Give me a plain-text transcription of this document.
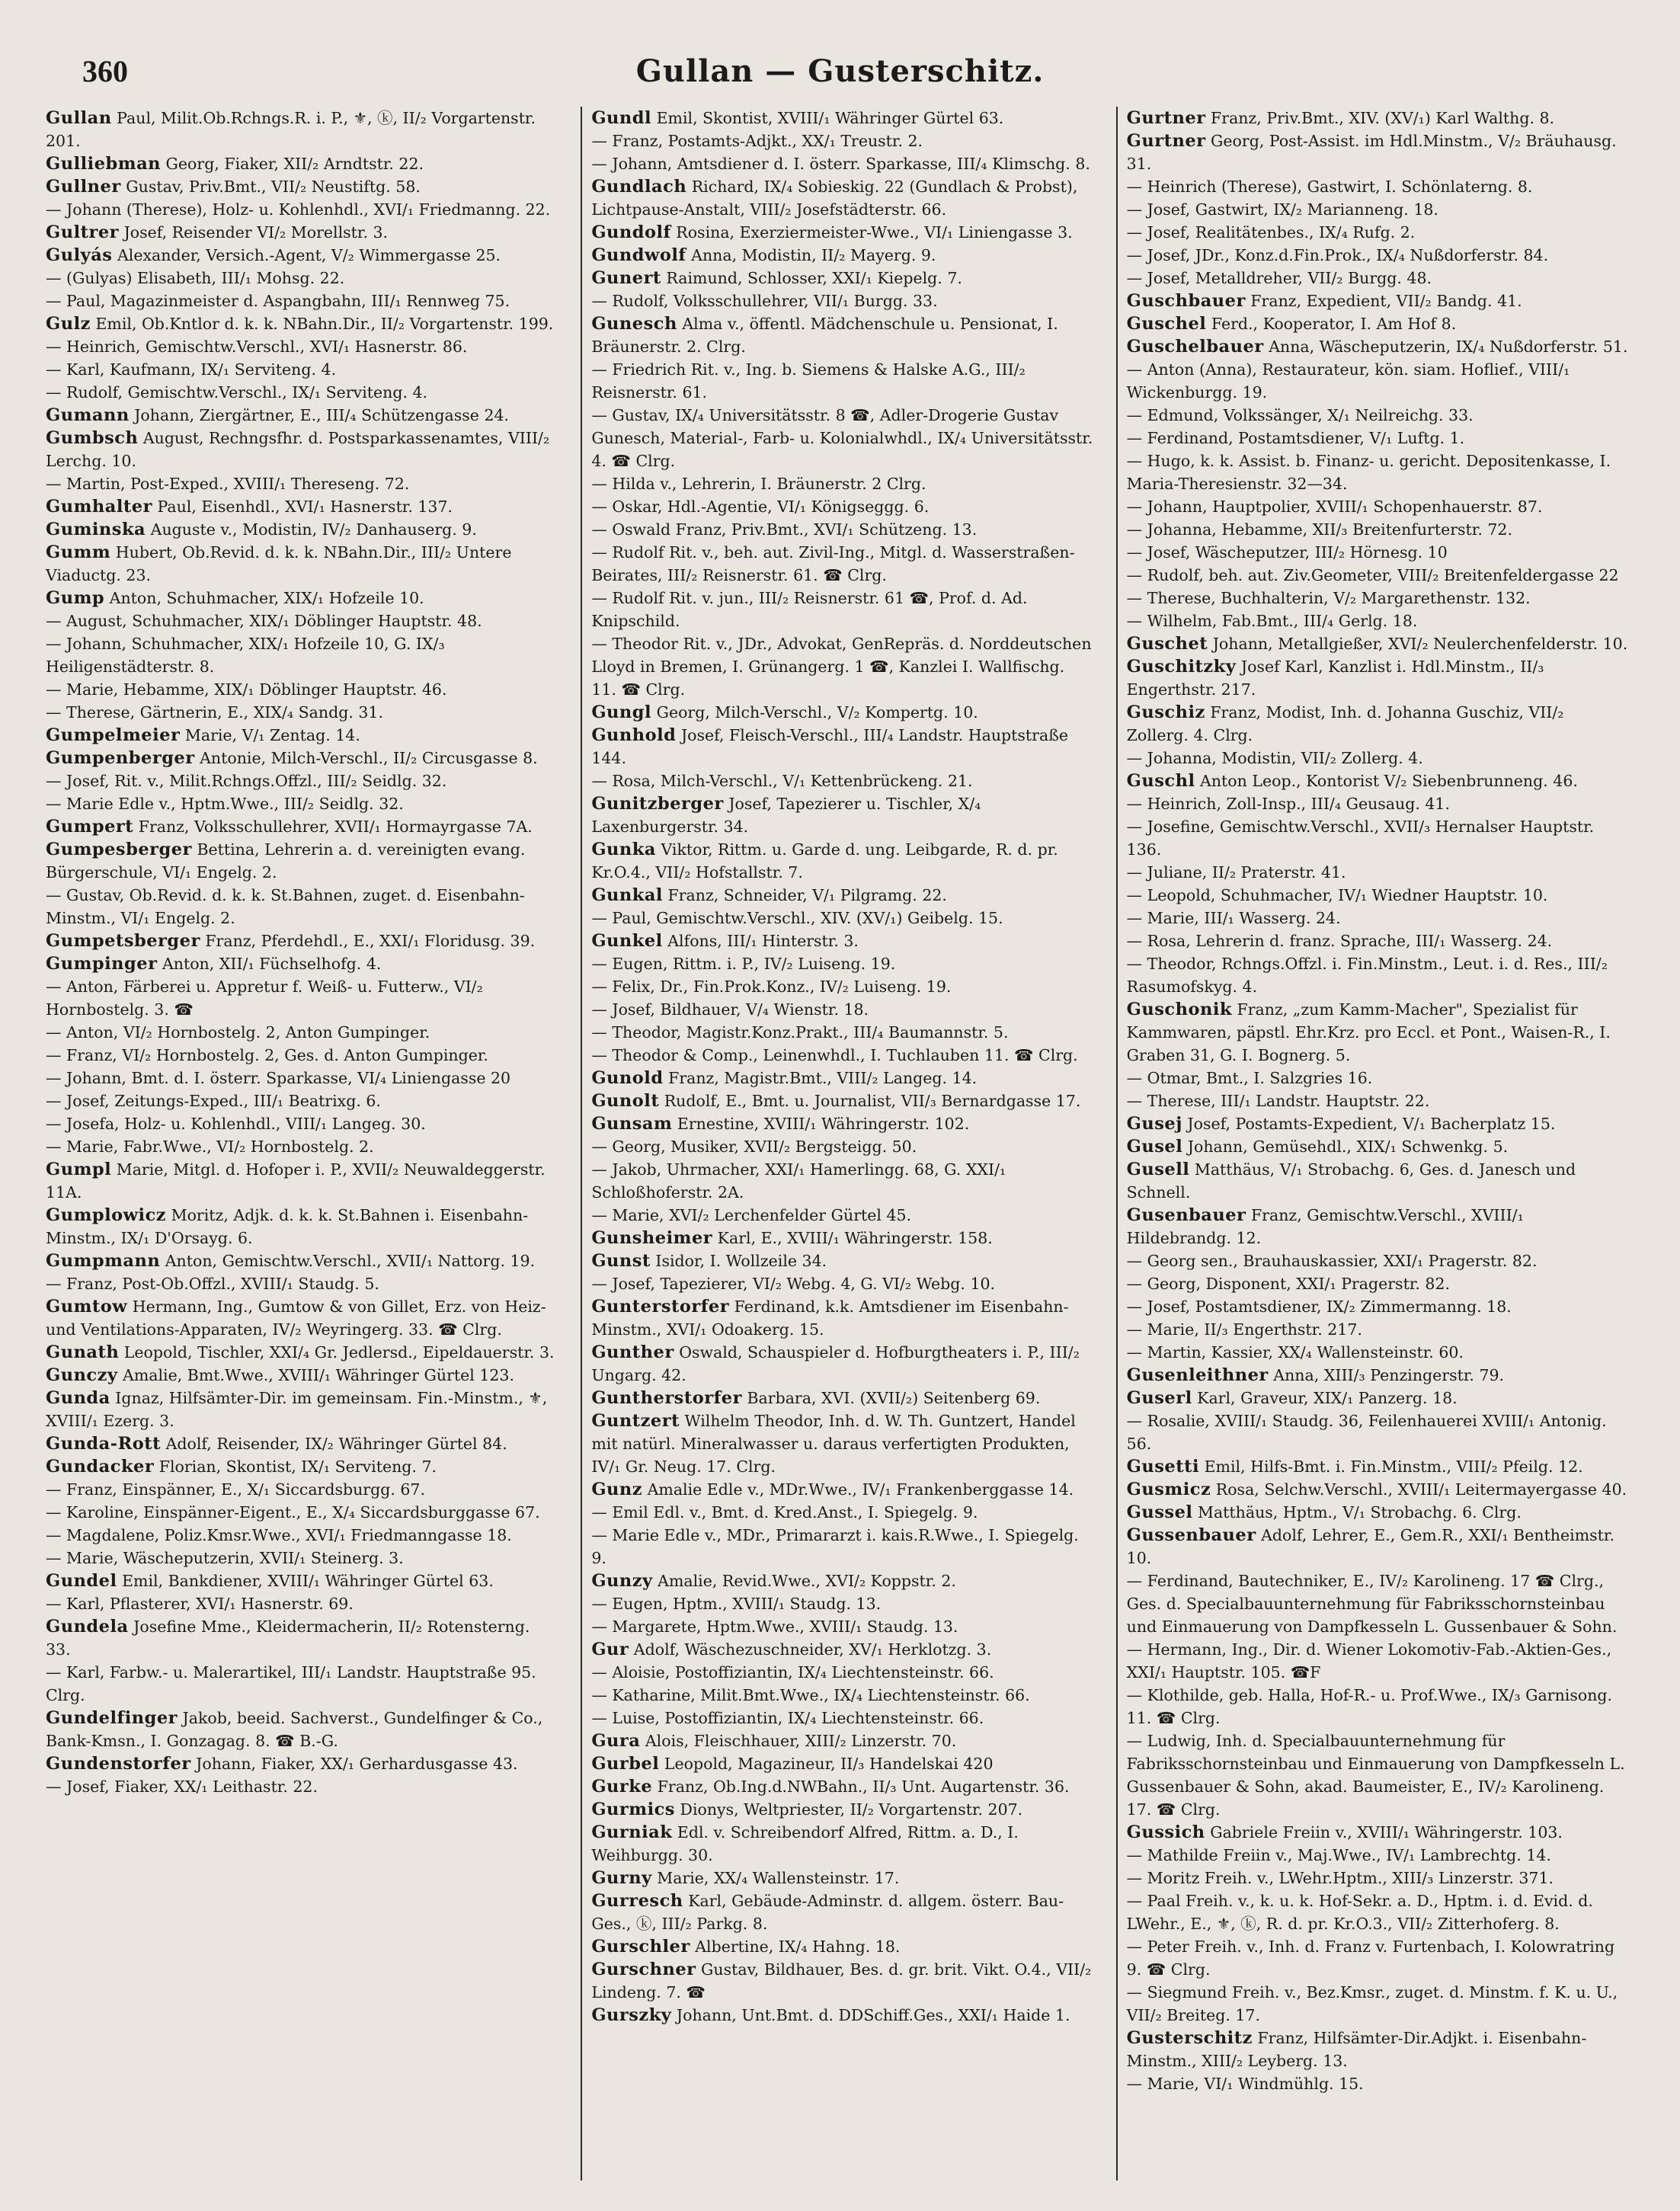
360	Gullan — Gusterschitz.

Gullan Paul, Milit.Ob.Rchngs.R. i. P., ⚜, ⓚ, II/₂ Vorgartenstr. 201.

Gulliebman Georg, Fiaker, XII/₂ Arndtstr. 22.

Gullner Gustav, Priv.Bmt., VII/₂ Neustiftg. 58.

— Johann (Therese), Holz- u. Kohlenhdl., XVI/₁ Friedmanng. 22.

Gultrer Josef, Reisender VI/₂ Morellstr. 3.

Gulyás Alexander, Versich.-Agent, V/₂ Wimmergasse 25.

— (Gulyas) Elisabeth, III/₁ Mohsg. 22.

— Paul, Magazinmeister d. Aspangbahn, III/₁ Rennweg 75.

Gulz Emil, Ob.Kntlor d. k. k. NBahn.Dir., II/₂ Vorgartenstr. 199.

— Heinrich, Gemischtw.Verschl., XVI/₁ Hasnerstr. 86.

— Karl, Kaufmann, IX/₁ Serviteng. 4.

— Rudolf, Gemischtw.Verschl., IX/₁ Serviteng. 4.

Gumann Johann, Ziergärtner, E., III/₄ Schützengasse 24.

Gumbsch August, Rechngsfhr. d. Postsparkassenamtes, VIII/₂ Lerchg. 10.

— Martin, Post-Exped., XVIII/₁ Thereseng. 72.

Gumhalter Paul, Eisenhdl., XVI/₁ Hasnerstr. 137.

Guminska Auguste v., Modistin, IV/₂ Danhauserg. 9.

Gumm Hubert, Ob.Revid. d. k. k. NBahn.Dir., III/₂ Untere Viaductg. 23.

Gump Anton, Schuhmacher, XIX/₁ Hofzeile 10.

— August, Schuhmacher, XIX/₁ Döblinger Hauptstr. 48.

— Johann, Schuhmacher, XIX/₁ Hofzeile 10, G. IX/₃ Heiligenstädterstr. 8.

— Marie, Hebamme, XIX/₁ Döblinger Hauptstr. 46.

— Therese, Gärtnerin, E., XIX/₄ Sandg. 31.

Gumpelmeier Marie, V/₁ Zentag. 14.

Gumpenberger Antonie, Milch-Verschl., II/₂ Circusgasse 8.

— Josef, Rit. v., Milit.Rchngs.Offzl., III/₂ Seidlg. 32.

— Marie Edle v., Hptm.Wwe., III/₂ Seidlg. 32.

Gumpert Franz, Volksschullehrer, XVII/₁ Hormayrgasse 7A.

Gumpesberger Bettina, Lehrerin a. d. vereinigten evang. Bürgerschule, VI/₁ Engelg. 2.

— Gustav, Ob.Revid. d. k. k. St.Bahnen, zuget. d. Eisenbahn-Minstm., VI/₁ Engelg. 2.

Gumpetsberger Franz, Pferdehdl., E., XXI/₁ Floridusg. 39.

Gumpinger Anton, XII/₁ Füchselhofg. 4.

— Anton, Färberei u. Appretur f. Weiß- u. Futterw., VI/₂ Hornbostelg. 3. ☎

— Anton, VI/₂ Hornbostelg. 2, Anton Gumpinger.

— Franz, VI/₂ Hornbostelg. 2, Ges. d. Anton Gumpinger.

— Johann, Bmt. d. I. österr. Sparkasse, VI/₄ Liniengasse 20

— Josef, Zeitungs-Exped., III/₁ Beatrixg. 6.

— Josefa, Holz- u. Kohlenhdl., VIII/₁ Langeg. 30.

— Marie, Fabr.Wwe., VI/₂ Hornbostelg. 2.

Gumpl Marie, Mitgl. d. Hofoper i. P., XVII/₂ Neuwaldeggerstr. 11A.

Gumplowicz Moritz, Adjk. d. k. k. St.Bahnen i. Eisenbahn-Minstm., IX/₁ D'Orsayg. 6.

Gumpmann Anton, Gemischtw.Verschl., XVII/₁ Nattorg. 19.

— Franz, Post-Ob.Offzl., XVIII/₁ Staudg. 5.

Gumtow Hermann, Ing., Gumtow & von Gillet, Erz. von Heiz- und Ventilations-Apparaten, IV/₂ Weyringerg. 33. ☎ Clrg.

Gunath Leopold, Tischler, XXI/₄ Gr. Jedlersd., Eipeldauerstr. 3.

Gunczy Amalie, Bmt.Wwe., XVIII/₁ Währinger Gürtel 123.

Gunda Ignaz, Hilfsämter-Dir. im gemeinsam. Fin.-Minstm., ⚜, XVIII/₁ Ezerg. 3.

Gunda-Rott Adolf, Reisender, IX/₂ Währinger Gürtel 84.

Gundacker Florian, Skontist, IX/₁ Serviteng. 7.

— Franz, Einspänner, E., X/₁ Siccardsburgg. 67.

— Karoline, Einspänner-Eigent., E., X/₄ Siccardsburggasse 67.

— Magdalene, Poliz.Kmsr.Wwe., XVI/₁ Friedmanngasse 18.

— Marie, Wäscheputzerin, XVII/₁ Steinerg. 3.

Gundel Emil, Bankdiener, XVIII/₁ Währinger Gürtel 63.

— Karl, Pflasterer, XVI/₁ Hasnerstr. 69.

Gundela Josefine Mme., Kleidermacherin, II/₂ Rotensterng. 33.

— Karl, Farbw.- u. Malerartikel, III/₁ Landstr. Hauptstraße 95. Clrg.

Gundelfinger Jakob, beeid. Sachverst., Gundelfinger & Co., Bank-Kmsn., I. Gonzagag. 8. ☎ B.-G.

Gundenstorfer Johann, Fiaker, XX/₁ Gerhardusgasse 43.

— Josef, Fiaker, XX/₁ Leithastr. 22.

Gundl Emil, Skontist, XVIII/₁ Währinger Gürtel 63.

— Franz, Postamts-Adjkt., XX/₁ Treustr. 2.

— Johann, Amtsdiener d. I. österr. Sparkasse, III/₄ Klimschg. 8.

Gundlach Richard, IX/₄ Sobieskig. 22 (Gundlach & Probst), Lichtpause-Anstalt, VIII/₂ Josefstädterstr. 66.

Gundolf Rosina, Exerziermeister-Wwe., VI/₁ Liniengasse 3.

Gundwolf Anna, Modistin, II/₂ Mayerg. 9.

Gunert Raimund, Schlosser, XXI/₁ Kiepelg. 7.

— Rudolf, Volksschullehrer, VII/₁ Burgg. 33.

Gunesch Alma v., öffentl. Mädchenschule u. Pensionat, I. Bräunerstr. 2. Clrg.

— Friedrich Rit. v., Ing. b. Siemens & Halske A.G., III/₂ Reisnerstr. 61.

— Gustav, IX/₄ Universitätsstr. 8 ☎, Adler-Drogerie Gustav Gunesch, Material-, Farb- u. Kolonialwhdl., IX/₄ Universitätsstr. 4. ☎ Clrg.

— Hilda v., Lehrerin, I. Bräunerstr. 2 Clrg.

— Oskar, Hdl.-Agentie, VI/₁ Königseggg. 6.

— Oswald Franz, Priv.Bmt., XVI/₁ Schützeng. 13.

— Rudolf Rit. v., beh. aut. Zivil-Ing., Mitgl. d. Wasserstraßen-Beirates, III/₂ Reisnerstr. 61. ☎ Clrg.

— Rudolf Rit. v. jun., III/₂ Reisnerstr. 61 ☎, Prof. d. Ad. Knipschild.

— Theodor Rit. v., JDr., Advokat, GenRepräs. d. Norddeutschen Lloyd in Bremen, I. Grünangerg. 1 ☎, Kanzlei I. Wallfischg. 11. ☎ Clrg.

Gungl Georg, Milch-Verschl., V/₂ Kompertg. 10.

Gunhold Josef, Fleisch-Verschl., III/₄ Landstr. Hauptstraße 144.

— Rosa, Milch-Verschl., V/₁ Kettenbrückeng. 21.

Gunitzberger Josef, Tapezierer u. Tischler, X/₄ Laxenburgerstr. 34.

Gunka Viktor, Rittm. u. Garde d. ung. Leibgarde, R. d. pr. Kr.O.4., VII/₂ Hofstallstr. 7.

Gunkal Franz, Schneider, V/₁ Pilgramg. 22.

— Paul, Gemischtw.Verschl., XIV. (XV/₁) Geibelg. 15.

Gunkel Alfons, III/₁ Hinterstr. 3.

— Eugen, Rittm. i. P., IV/₂ Luiseng. 19.

— Felix, Dr., Fin.Prok.Konz., IV/₂ Luiseng. 19.

— Josef, Bildhauer, V/₄ Wienstr. 18.

— Theodor, Magistr.Konz.Prakt., III/₄ Baumannstr. 5.

— Theodor & Comp., Leinenwhdl., I. Tuchlauben 11. ☎ Clrg.

Gunold Franz, Magistr.Bmt., VIII/₂ Langeg. 14.

Gunolt Rudolf, E., Bmt. u. Journalist, VII/₃ Bernardgasse 17.

Gunsam Ernestine, XVIII/₁ Währingerstr. 102.

— Georg, Musiker, XVII/₂ Bergsteigg. 50.

— Jakob, Uhrmacher, XXI/₁ Hamerlingg. 68, G. XXI/₁ Schloßhoferstr. 2A.

— Marie, XVI/₂ Lerchenfelder Gürtel 45.

Gunsheimer Karl, E., XVIII/₁ Währingerstr. 158.

Gunst Isidor, I. Wollzeile 34.

— Josef, Tapezierer, VI/₂ Webg. 4, G. VI/₂ Webg. 10.

Gunterstorfer Ferdinand, k.k. Amtsdiener im Eisenbahn-Minstm., XVI/₁ Odoakerg. 15.

Gunther Oswald, Schauspieler d. Hofburgtheaters i. P., III/₂ Ungarg. 42.

Guntherstorfer Barbara, XVI. (XVII/₂) Seitenberg 69.

Guntzert Wilhelm Theodor, Inh. d. W. Th. Guntzert, Handel mit natürl. Mineralwasser u. daraus verfertigten Produkten, IV/₁ Gr. Neug. 17. Clrg.

Gunz Amalie Edle v., MDr.Wwe., IV/₁ Frankenberggasse 14.

— Emil Edl. v., Bmt. d. Kred.Anst., I. Spiegelg. 9.

— Marie Edle v., MDr., Primararzt i. kais.R.Wwe., I. Spiegelg. 9.

Gunzy Amalie, Revid.Wwe., XVI/₂ Koppstr. 2.

— Eugen, Hptm., XVIII/₁ Staudg. 13.

— Margarete, Hptm.Wwe., XVIII/₁ Staudg. 13.

Gur Adolf, Wäschezuschneider, XV/₁ Herklotzg. 3.

— Aloisie, Postoffiziantin, IX/₄ Liechtensteinstr. 66.

— Katharine, Milit.Bmt.Wwe., IX/₄ Liechtensteinstr. 66.

— Luise, Postoffiziantin, IX/₄ Liechtensteinstr. 66.

Gura Alois, Fleischhauer, XIII/₂ Linzerstr. 70.

Gurbel Leopold, Magazineur, II/₃ Handelskai 420

Gurke Franz, Ob.Ing.d.NWBahn., II/₃ Unt. Augartenstr. 36.

Gurmics Dionys, Weltpriester, II/₂ Vorgartenstr. 207.

Gurniak Edl. v. Schreibendorf Alfred, Rittm. a. D., I. Weihburgg. 30.

Gurny Marie, XX/₄ Wallensteinstr. 17.

Gurresch Karl, Gebäude-Adminstr. d. allgem. österr. Bau-Ges., ⓚ, III/₂ Parkg. 8.

Gurschler Albertine, IX/₄ Hahng. 18.

Gurschner Gustav, Bildhauer, Bes. d. gr. brit. Vikt. O.4., VII/₂ Lindeng. 7. ☎

Gurszky Johann, Unt.Bmt. d. DDSchiff.Ges., XXI/₁ Haide 1.

Gurtner Franz, Priv.Bmt., XIV. (XV/₁) Karl Walthg. 8.

Gurtner Georg, Post-Assist. im Hdl.Minstm., V/₂ Bräuhausg. 31.

— Heinrich (Therese), Gastwirt, I. Schönlaterng. 8.

— Josef, Gastwirt, IX/₂ Marianneng. 18.

— Josef, Realitätenbes., IX/₄ Rufg. 2.

— Josef, JDr., Konz.d.Fin.Prok., IX/₄ Nußdorferstr. 84.

— Josef, Metalldreher, VII/₂ Burgg. 48.

Guschbauer Franz, Expedient, VII/₂ Bandg. 41.

Guschel Ferd., Kooperator, I. Am Hof 8.

Guschelbauer Anna, Wäscheputzerin, IX/₄ Nußdorferstr. 51.

— Anton (Anna), Restaurateur, kön. siam. Hoflief., VIII/₁ Wickenburgg. 19.

— Edmund, Volkssänger, X/₁ Neilreichg. 33.

— Ferdinand, Postamtsdiener, V/₁ Luftg. 1.

— Hugo, k. k. Assist. b. Finanz- u. gericht. Depositenkasse, I. Maria-Theresienstr. 32—34.

— Johann, Hauptpolier, XVIII/₁ Schopenhauerstr. 87.

— Johanna, Hebamme, XII/₃ Breitenfurterstr. 72.

— Josef, Wäscheputzer, III/₂ Hörnesg. 10

— Rudolf, beh. aut. Ziv.Geometer, VIII/₂ Breitenfeldergasse 22

— Therese, Buchhalterin, V/₂ Margarethenstr. 132.

— Wilhelm, Fab.Bmt., III/₄ Gerlg. 18.

Guschet Johann, Metallgießer, XVI/₂ Neulerchenfelderstr. 10.

Guschitzky Josef Karl, Kanzlist i. Hdl.Minstm., II/₃ Engerthstr. 217.

Guschiz Franz, Modist, Inh. d. Johanna Guschiz, VII/₂ Zollerg. 4. Clrg.

— Johanna, Modistin, VII/₂ Zollerg. 4.

Guschl Anton Leop., Kontorist V/₂ Siebenbrunneng. 46.

— Heinrich, Zoll-Insp., III/₄ Geusaug. 41.

— Josefine, Gemischtw.Verschl., XVII/₃ Hernalser Hauptstr. 136.

— Juliane, II/₂ Praterstr. 41.

— Leopold, Schuhmacher, IV/₁ Wiedner Hauptstr. 10.

— Marie, III/₁ Wasserg. 24.

— Rosa, Lehrerin d. franz. Sprache, III/₁ Wasserg. 24.

— Theodor, Rchngs.Offzl. i. Fin.Minstm., Leut. i. d. Res., III/₂ Rasumofskyg. 4.

Guschonik Franz, „zum Kamm-Macher", Spezialist für Kammwaren, päpstl. Ehr.Krz. pro Eccl. et Pont., Waisen-R., I. Graben 31, G. I. Bognerg. 5.

— Otmar, Bmt., I. Salzgries 16.

— Therese, III/₁ Landstr. Hauptstr. 22.

Gusej Josef, Postamts-Expedient, V/₁ Bacherplatz 15.

Gusel Johann, Gemüsehdl., XIX/₁ Schwenkg. 5.

Gusell Matthäus, V/₁ Strobachg. 6, Ges. d. Janesch und Schnell.

Gusenbauer Franz, Gemischtw.Verschl., XVIII/₁ Hildebrandg. 12.

— Georg sen., Brauhauskassier, XXI/₁ Pragerstr. 82.

— Georg, Disponent, XXI/₁ Pragerstr. 82.

— Josef, Postamtsdiener, IX/₂ Zimmermanng. 18.

— Marie, II/₃ Engerthstr. 217.

— Martin, Kassier, XX/₄ Wallensteinstr. 60.

Gusenleithner Anna, XIII/₃ Penzingerstr. 79.

Guserl Karl, Graveur, XIX/₁ Panzerg. 18.

— Rosalie, XVIII/₁ Staudg. 36, Feilenhauerei XVIII/₁ Antonig. 56.

Gusetti Emil, Hilfs-Bmt. i. Fin.Minstm., VIII/₂ Pfeilg. 12.

Gusmicz Rosa, Selchw.Verschl., XVIII/₁ Leitermayergasse 40.

Gussel Matthäus, Hptm., V/₁ Strobachg. 6. Clrg.

Gussenbauer Adolf, Lehrer, E., Gem.R., XXI/₁ Bentheimstr. 10.

— Ferdinand, Bautechniker, E., IV/₂ Karolineng. 17 ☎ Clrg., Ges. d. Specialbauunternehmung für Fabriksschornsteinbau und Einmauerung von Dampfkesseln L. Gussenbauer & Sohn.

— Hermann, Ing., Dir. d. Wiener Lokomotiv-Fab.-Aktien-Ges., XXI/₁ Hauptstr. 105. ☎F

— Klothilde, geb. Halla, Hof-R.- u. Prof.Wwe., IX/₃ Garnisong. 11. ☎ Clrg.

— Ludwig, Inh. d. Specialbauunternehmung für Fabriksschornsteinbau und Einmauerung von Dampfkesseln L. Gussenbauer & Sohn, akad. Baumeister, E., IV/₂ Karolineng. 17. ☎ Clrg.

Gussich Gabriele Freiin v., XVIII/₁ Währingerstr. 103.

— Mathilde Freiin v., Maj.Wwe., IV/₁ Lambrechtg. 14.

— Moritz Freih. v., LWehr.Hptm., XIII/₃ Linzerstr. 371.

— Paal Freih. v., k. u. k. Hof-Sekr. a. D., Hptm. i. d. Evid. d. LWehr., E., ⚜, ⓚ, R. d. pr. Kr.O.3., VII/₂ Zitterhoferg. 8.

— Peter Freih. v., Inh. d. Franz v. Furtenbach, I. Kolowratring 9. ☎ Clrg.

— Siegmund Freih. v., Bez.Kmsr., zuget. d. Minstm. f. K. u. U., VII/₂ Breiteg. 17.

Gusterschitz Franz, Hilfsämter-Dir.Adjkt. i. Eisenbahn-Minstm., XIII/₂ Leyberg. 13.

— Marie, VI/₁ Windmühlg. 15.
